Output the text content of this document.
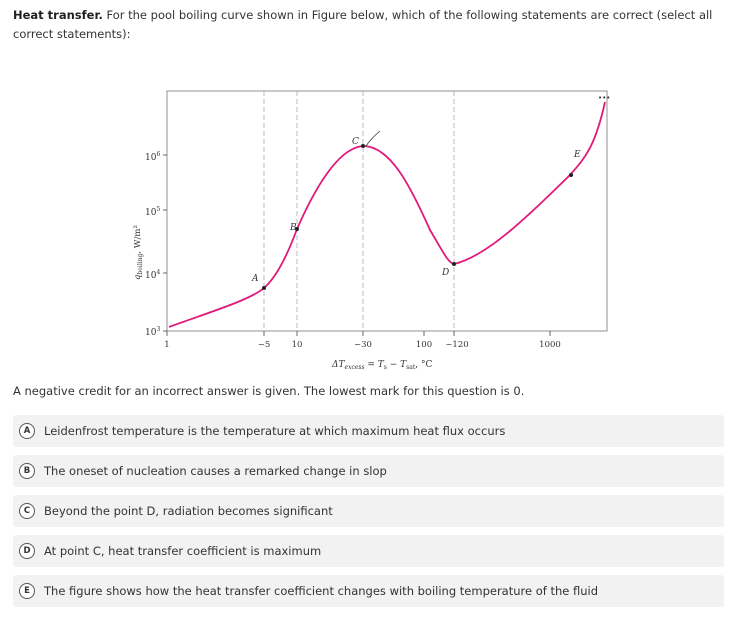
Heat transfer. For the pool boiling curve shown in Figure below, which of the following statements are correct (select all correct statements):
$10^6$
$10^5$
$10^4$
$10^3$
$q_{boiling}$, W/m²
1	~5	10	~30	100 ~120	1000
$\Delta T_{excess} = T_s - T_{sat}$, °C
A
B
C
D
E
•••
A negative credit for an incorrect answer is given. The lowest mark for this question is 0.
A	Leidenfrost temperature is the temperature at which maximum heat flux occurs
B	The oneset of nucleation causes a remarked change in slop
C	Beyond the point D, radiation becomes significant
D	At point C, heat transfer coefficient is maximum
E	The figure shows how the heat transfer coefficient changes with boiling temperature of the fluid
